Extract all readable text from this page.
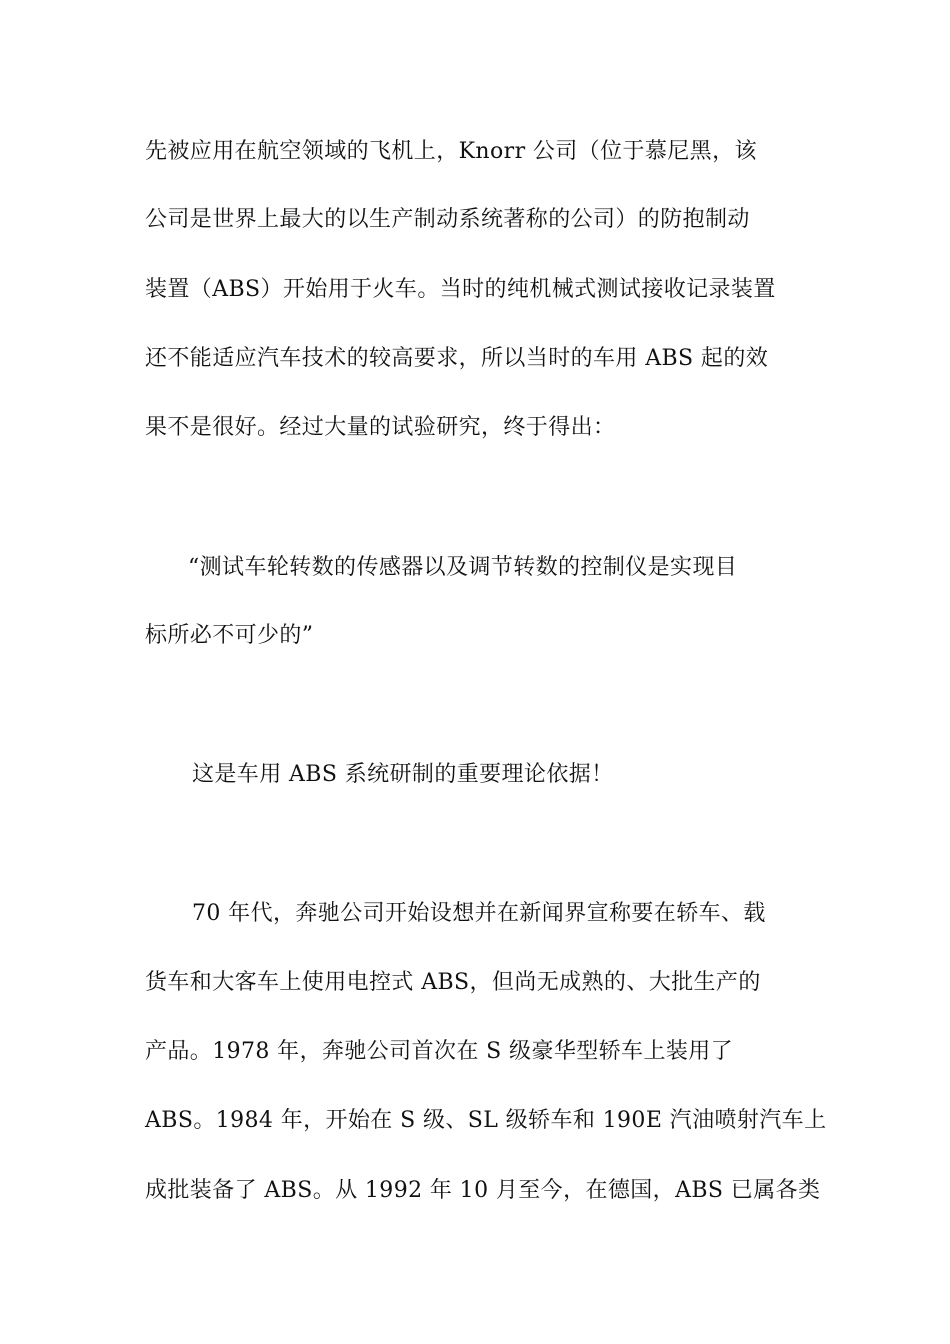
先被应用在航空领域的飞机上，Knorr 公司（位于慕尼黑，该
公司是世界上最大的以生产制动系统著称的公司）的防抱制动
装置（ABS）开始用于火车。当时的纯机械式测试接收记录装置
还不能适应汽车技术的较高要求，所以当时的车用 ABS 起的效
果不是很好。经过大量的试验研究，终于得出：
“测试车轮转数的传感器以及调节转数的控制仪是实现目
标所必不可少的”
这是车用 ABS 系统研制的重要理论依据！
70 年代，奔驰公司开始设想并在新闻界宣称要在轿车、载
货车和大客车上使用电控式 ABS，但尚无成熟的、大批生产的
产品。1978 年，奔驰公司首次在 S 级豪华型轿车上装用了
ABS。1984 年，开始在 S 级、SL 级轿车和 190E 汽油喷射汽车上
成批装备了 ABS。从 1992 年 10 月至今，在德国，ABS 已属各类
